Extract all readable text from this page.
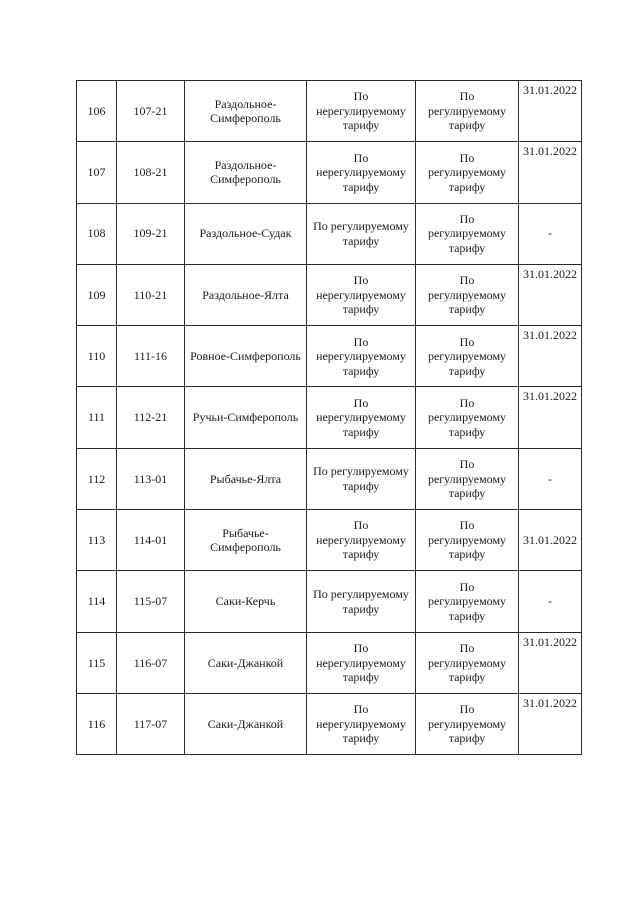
106	107-21	Раздольное-
Симферополь	По
нерегулируемому
тарифу	По
регулируемому
тарифу	31.01.2022
107	108-21	Раздольное-
Симферополь	По
нерегулируемому
тарифу	По
регулируемому
тарифу	31.01.2022
108	109-21	Раздольное-Судак	По регулируемому
тарифу	По
регулируемому
тарифу	-
109	110-21	Раздольное-Ялта	По
нерегулируемому
тарифу	По
регулируемому
тарифу	31.01.2022
110	111-16	Ровное-Симферополь	По
нерегулируемому
тарифу	По
регулируемому
тарифу	31.01.2022
111	112-21	Ручьи-Симферополь	По
нерегулируемому
тарифу	По
регулируемому
тарифу	31.01.2022
112	113-01	Рыбачье-Ялта	По регулируемому
тарифу	По
регулируемому
тарифу	-
113	114-01	Рыбачье-
Симферополь	По
нерегулируемому
тарифу	По
регулируемому
тарифу	31.01.2022
114	115-07	Саки-Керчь	По регулируемому
тарифу	По
регулируемому
тарифу	-
115	116-07	Саки-Джанкой	По
нерегулируемому
тарифу	По
регулируемому
тарифу	31.01.2022
116	117-07	Саки-Джанкой	По
нерегулируемому
тарифу	По
регулируемому
тарифу	31.01.2022
